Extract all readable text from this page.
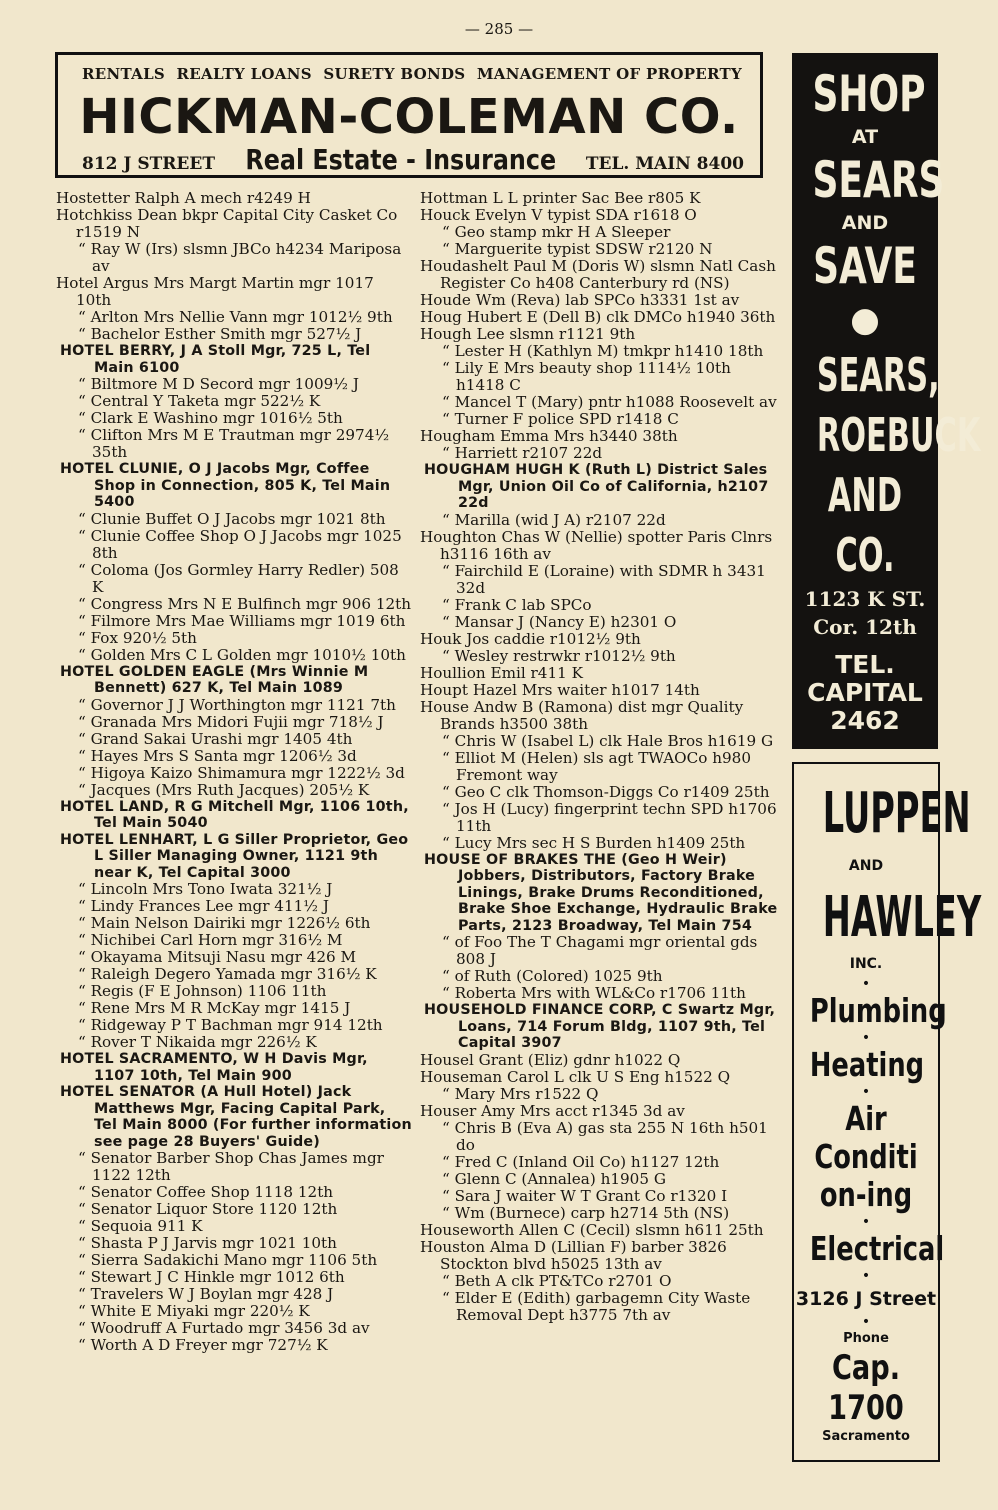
— 285 —
RENTALS REALTY LOANS SURETY BONDS MANAGEMENT OF PROPERTY
HICKMAN-COLEMAN CO.
812 J STREET Real Estate - Insurance TEL. MAIN 8400
Hostetter Ralph A mech r4249 H
Hotchkiss Dean bkpr Capital City Casket Co r1519 N
“ Ray W (Irs) slsmn JBCo h4234 Mariposa av
Hotel Argus Mrs Margt Martin mgr 1017 10th
“ Arlton Mrs Nellie Vann mgr 1012½ 9th
“ Bachelor Esther Smith mgr 527½ J
HOTEL BERRY, J A Stoll Mgr, 725 L, Tel Main 6100
“ Biltmore M D Secord mgr 1009½ J
“ Central Y Taketa mgr 522½ K
“ Clark E Washino mgr 1016½ 5th
“ Clifton Mrs M E Trautman mgr 2974½ 35th
HOTEL CLUNIE, O J Jacobs Mgr, Coffee Shop in Connection, 805 K, Tel Main 5400
“ Clunie Buffet O J Jacobs mgr 1021 8th
“ Clunie Coffee Shop O J Jacobs mgr 1025 8th
“ Coloma (Jos Gormley Harry Redler) 508 K
“ Congress Mrs N E Bulfinch mgr 906 12th
“ Filmore Mrs Mae Williams mgr 1019 6th
“ Fox 920½ 5th
“ Golden Mrs C L Golden mgr 1010½ 10th
HOTEL GOLDEN EAGLE (Mrs Winnie M Bennett) 627 K, Tel Main 1089
“ Governor J J Worthington mgr 1121 7th
“ Granada Mrs Midori Fujii mgr 718½ J
“ Grand Sakai Urashi mgr 1405 4th
“ Hayes Mrs S Santa mgr 1206½ 3d
“ Higoya Kaizo Shimamura mgr 1222½ 3d
“ Jacques (Mrs Ruth Jacques) 205½ K
HOTEL LAND, R G Mitchell Mgr, 1106 10th, Tel Main 5040
HOTEL LENHART, L G Siller Proprietor, Geo L Siller Managing Owner, 1121 9th near K, Tel Capital 3000
“ Lincoln Mrs Tono Iwata 321½ J
“ Lindy Frances Lee mgr 411½ J
“ Main Nelson Dairiki mgr 1226½ 6th
“ Nichibei Carl Horn mgr 316½ M
“ Okayama Mitsuji Nasu mgr 426 M
“ Raleigh Degero Yamada mgr 316½ K
“ Regis (F E Johnson) 1106 11th
“ Rene Mrs M R McKay mgr 1415 J
“ Ridgeway P T Bachman mgr 914 12th
“ Rover T Nikaida mgr 226½ K
HOTEL SACRAMENTO, W H Davis Mgr, 1107 10th, Tel Main 900
HOTEL SENATOR (A Hull Hotel) Jack Matthews Mgr, Facing Capital Park, Tel Main 8000 (For further information see page 28 Buyers' Guide)
“ Senator Barber Shop Chas James mgr 1122 12th
“ Senator Coffee Shop 1118 12th
“ Senator Liquor Store 1120 12th
“ Sequoia 911 K
“ Shasta P J Jarvis mgr 1021 10th
“ Sierra Sadakichi Mano mgr 1106 5th
“ Stewart J C Hinkle mgr 1012 6th
“ Travelers W J Boylan mgr 428 J
“ White E Miyaki mgr 220½ K
“ Woodruff A Furtado mgr 3456 3d av
“ Worth A D Freyer mgr 727½ K
Hottman L L printer Sac Bee r805 K
Houck Evelyn V typist SDA r1618 O
“ Geo stamp mkr H A Sleeper
“ Marguerite typist SDSW r2120 N
Houdashelt Paul M (Doris W) slsmn Natl Cash Register Co h408 Canterbury rd (NS)
Houde Wm (Reva) lab SPCo h3331 1st av
Houg Hubert E (Dell B) clk DMCo h1940 36th
Hough Lee slsmn r1121 9th
“ Lester H (Kathlyn M) tmkpr h1410 18th
“ Lily E Mrs beauty shop 1114½ 10th h1418 C
“ Mancel T (Mary) pntr h1088 Roosevelt av
“ Turner F police SPD r1418 C
Hougham Emma Mrs h3440 38th
“ Harriett r2107 22d
HOUGHAM HUGH K (Ruth L) District Sales Mgr, Union Oil Co of California, h2107 22d
“ Marilla (wid J A) r2107 22d
Houghton Chas W (Nellie) spotter Paris Clnrs h3116 16th av
“ Fairchild E (Loraine) with SDMR h 3431 32d
“ Frank C lab SPCo
“ Mansar J (Nancy E) h2301 O
Houk Jos caddie r1012½ 9th
“ Wesley restrwkr r1012½ 9th
Houllion Emil r411 K
Houpt Hazel Mrs waiter h1017 14th
House Andw B (Ramona) dist mgr Quality Brands h3500 38th
“ Chris W (Isabel L) clk Hale Bros h1619 G
“ Elliot M (Helen) sls agt TWAOCo h980 Fremont way
“ Geo C clk Thomson-Diggs Co r1409 25th
“ Jos H (Lucy) fingerprint techn SPD h1706 11th
“ Lucy Mrs sec H S Burden h1409 25th
HOUSE OF BRAKES THE (Geo H Weir) Jobbers, Distributors, Factory Brake Linings, Brake Drums Reconditioned, Brake Shoe Exchange, Hydraulic Brake Parts, 2123 Broadway, Tel Main 754
“ of Foo The T Chagami mgr oriental gds 808 J
“ of Ruth (Colored) 1025 9th
“ Roberta Mrs with WL&Co r1706 11th
HOUSEHOLD FINANCE CORP, C Swartz Mgr, Loans, 714 Forum Bldg, 1107 9th, Tel Capital 3907
Housel Grant (Eliz) gdnr h1022 Q
Houseman Carol L clk U S Eng h1522 Q
“ Mary Mrs r1522 Q
Houser Amy Mrs acct r1345 3d av
“ Chris B (Eva A) gas sta 255 N 16th h501 do
“ Fred C (Inland Oil Co) h1127 12th
“ Glenn C (Annalea) h1905 G
“ Sara J waiter W T Grant Co r1320 I
“ Wm (Burnece) carp h2714 5th (NS)
Houseworth Allen C (Cecil) slsmn h611 25th
Houston Alma D (Lillian F) barber 3826 Stockton blvd h5025 13th av
“ Beth A clk PT&TCo r2701 O
“ Elder E (Edith) garbagemn City Waste Removal Dept h3775 7th av
SHOP
AT
SEARS
AND
SAVE
●
SEARS,
ROEBUCK
AND CO.
1123 K ST.
Cor. 12th
TEL.
CAPITAL
2462
LUPPEN
AND
HAWLEY
INC.
•
Plumbing
•
Heating
•
Air Condition-ing
•
Electrical
•
3126 J Street
•
Phone
Cap. 1700
Sacramento
